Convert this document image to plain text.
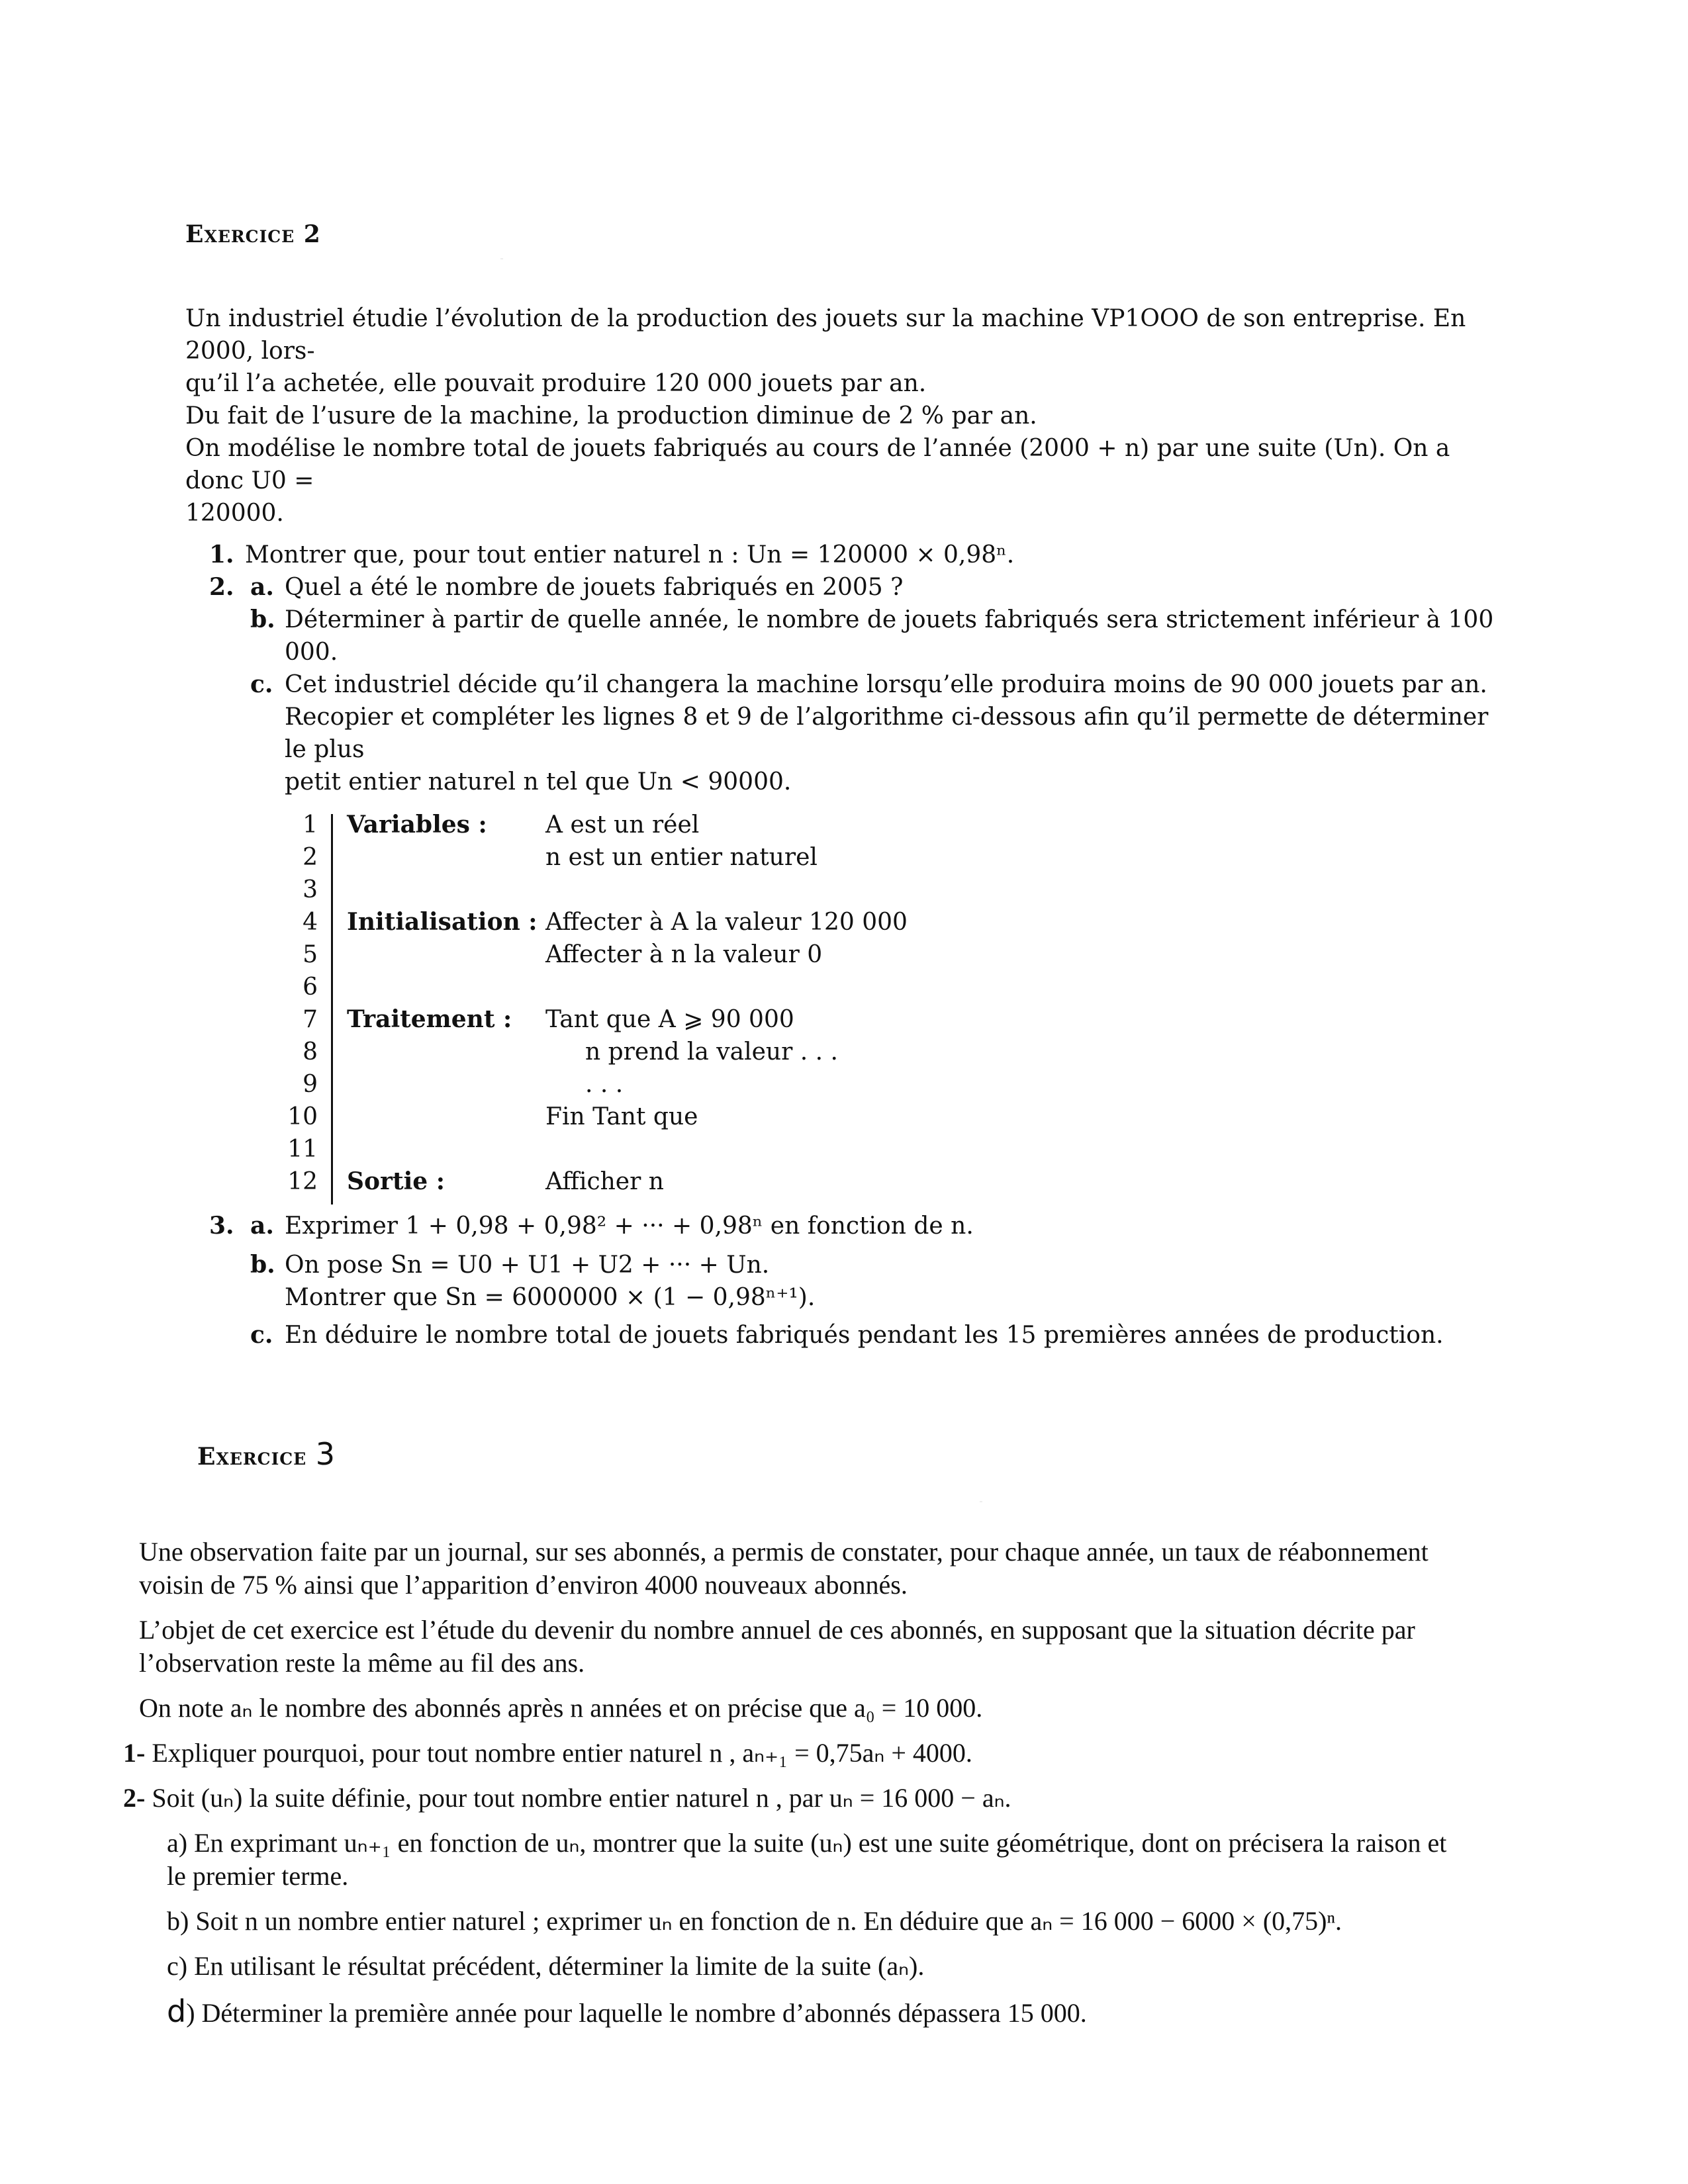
Exercice 2

Un industriel étudie l’évolution de la production des jouets sur la machine VP1OOO de son entreprise. En 2000, lors-

qu’il l’a achetée, elle pouvait produire 120 000 jouets par an.

Du fait de l’usure de la machine, la production diminue de 2 % par an.

On modélise le nombre total de jouets fabriqués au cours de l’année (2000 + n) par une suite (Un). On a donc U0 =

120000.

1. Montrer que, pour tout entier naturel n : Un = 120000 × 0,98ⁿ.
2. a. Quel a été le nombre de jouets fabriqués en 2005 ?
b. Déterminer à partir de quelle année, le nombre de jouets fabriqués sera strictement inférieur à 100 000.
c. Cet industriel décide qu’il changera la machine lorsqu’elle produira moins de 90 000 jouets par an.

Recopier et compléter les lignes 8 et 9 de l’algorithme ci-dessous afin qu’il permette de déterminer le plus

petit entier naturel n tel que Un < 90000.

1
2
3
4
5
6
7
8
9
10
11
12
Variables :
Initialisation :
Traitement :
Sortie :
A est un réel
n est un entier naturel
Affecter à A la valeur 120 000
Affecter à n la valeur 0
Tant que A ⩾ 90 000
n prend la valeur . . .
. . .
Fin Tant que
Afficher n
3. a. Exprimer 1 + 0,98 + 0,98² + ··· + 0,98ⁿ en fonction de n.
b. On pose Sn = U0 + U1 + U2 + ··· + Un.

Montrer que Sn = 6000000 × (1 − 0,98ⁿ⁺¹).

c. En déduire le nombre total de jouets fabriqués pendant les 15 premières années de production.
Exercice 3

Une observation faite par un journal, sur ses abonnés, a permis de constater, pour chaque année, un taux de réabonnement voisin de 75 % ainsi que l’apparition d’environ 4000 nouveaux abonnés.

L’objet de cet exercice est l’étude du devenir du nombre annuel de ces abonnés, en supposant que la situation décrite par l’observation reste la même au fil des ans.

On note aₙ le nombre des abonnés après n années et on précise que a₀ = 10 000.

1- Expliquer pourquoi, pour tout nombre entier naturel n , aₙ₊₁ = 0,75aₙ + 4000.

2- Soit (uₙ) la suite définie, pour tout nombre entier naturel n , par uₙ = 16 000 − aₙ.

a) En exprimant uₙ₊₁ en fonction de uₙ, montrer que la suite (uₙ) est une suite géométrique, dont on précisera la raison et le premier terme.

b) Soit n un nombre entier naturel ; exprimer uₙ en fonction de n. En déduire que aₙ = 16 000 − 6000 × (0,75)ⁿ.

c) En utilisant le résultat précédent, déterminer la limite de la suite (aₙ).

d) Déterminer la première année pour laquelle le nombre d’abonnés dépassera 15 000.
